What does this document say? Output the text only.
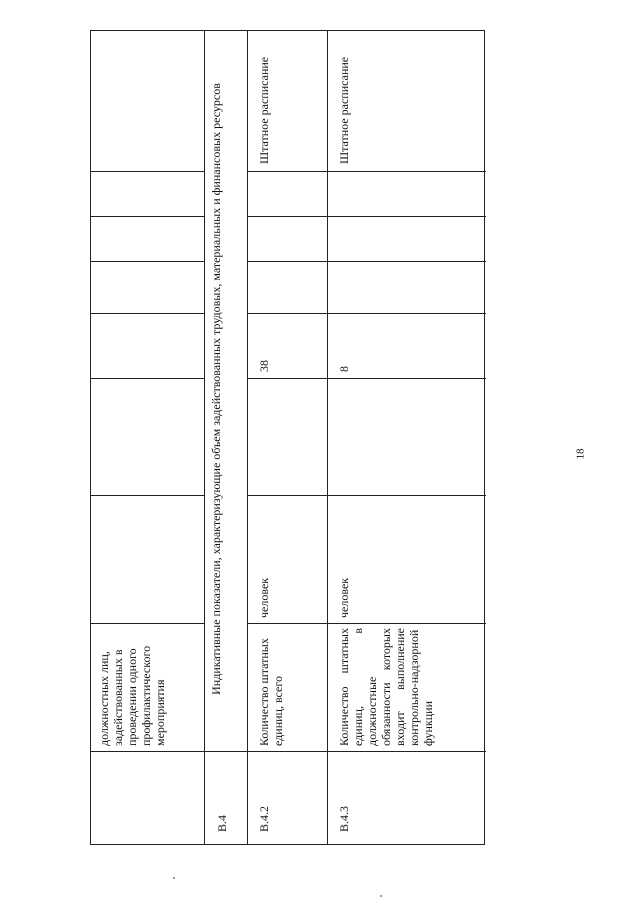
должностных лиц, задействованных в проведении одного профилактического мероприятия
В.4
Индикативные показатели, характеризующие объем задействованных трудовых, материальных и финансовых ресурсов
В.4.2
Количество штатных единиц, всего
человек
38
Штатное расписание
В.4.3
Количество штатных единиц, в должностные обязанности которых входит выполнение контрольно-надзорной функции
человек
8
Штатное расписание
18
